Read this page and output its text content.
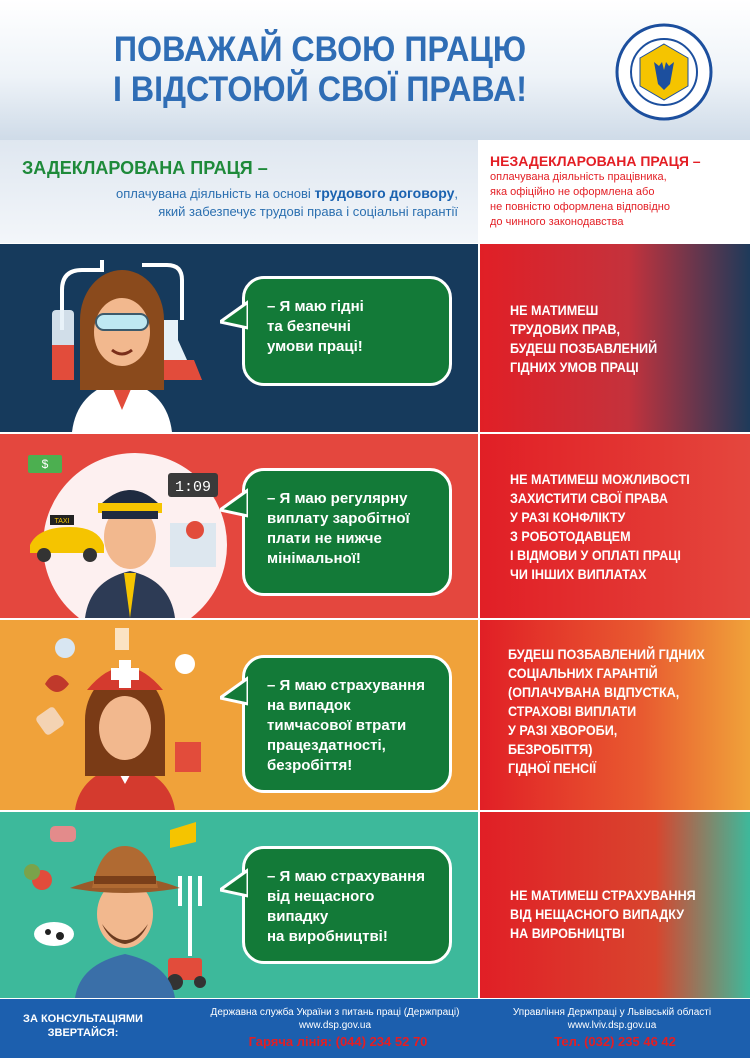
ПОВАЖАЙ СВОЮ ПРАЦЮ
І ВІДСТОЮЙ СВОЇ ПРАВА!
ЗАДЕКЛАРОВАНА ПРАЦЯ –
оплачувана діяльність на основі трудового договору,
який забезпечує трудові права і соціальні гарантії
НЕЗАДЕКЛАРОВАНА ПРАЦЯ –
оплачувана діяльність працівника,
яка офіційно не оформлена або
не повністю оформлена відповідно
до чинного законодавства
– Я маю гідні
та безпечні
умови праці!
НЕ МАТИМЕШ
ТРУДОВИХ ПРАВ,
БУДЕШ ПОЗБАВЛЕНИЙ
ГІДНИХ УМОВ ПРАЦІ
$
TAXI
1:09
– Я маю регулярну
виплату заробітної
плати не нижче
мінімальної!
НЕ МАТИМЕШ МОЖЛИВОСТІ
ЗАХИСТИТИ СВОЇ ПРАВА
У РАЗІ КОНФЛІКТУ
З РОБОТОДАВЦЕМ
І ВІДМОВИ У ОПЛАТІ ПРАЦІ
ЧИ ІНШИХ ВИПЛАТАХ
– Я маю страхування
на випадок
тимчасової втрати
працездатності,
безробіття!
БУДЕШ ПОЗБАВЛЕНИЙ ГІДНИХ
СОЦІАЛЬНИХ ГАРАНТІЙ
(ОПЛАЧУВАНА ВІДПУСТКА,
СТРАХОВІ ВИПЛАТИ
У РАЗІ ХВОРОБИ,
БЕЗРОБІТТЯ)
ГІДНОЇ ПЕНСІЇ
– Я маю страхування
від нещасного
випадку
на виробництві!
НЕ МАТИМЕШ СТРАХУВАННЯ
ВІД НЕЩАСНОГО ВИПАДКУ
НА ВИРОБНИЦТВІ
ЗА КОНСУЛЬТАЦІЯМИ
ЗВЕРТАЙСЯ:
Державна служба України з питань праці (Держпраці)
www.dsp.gov.ua
Гаряча лінія: (044) 234 52 70
Управління Держпраці у Львівській області
www.lviv.dsp.gov.ua
Тел. (032) 235 46 42
